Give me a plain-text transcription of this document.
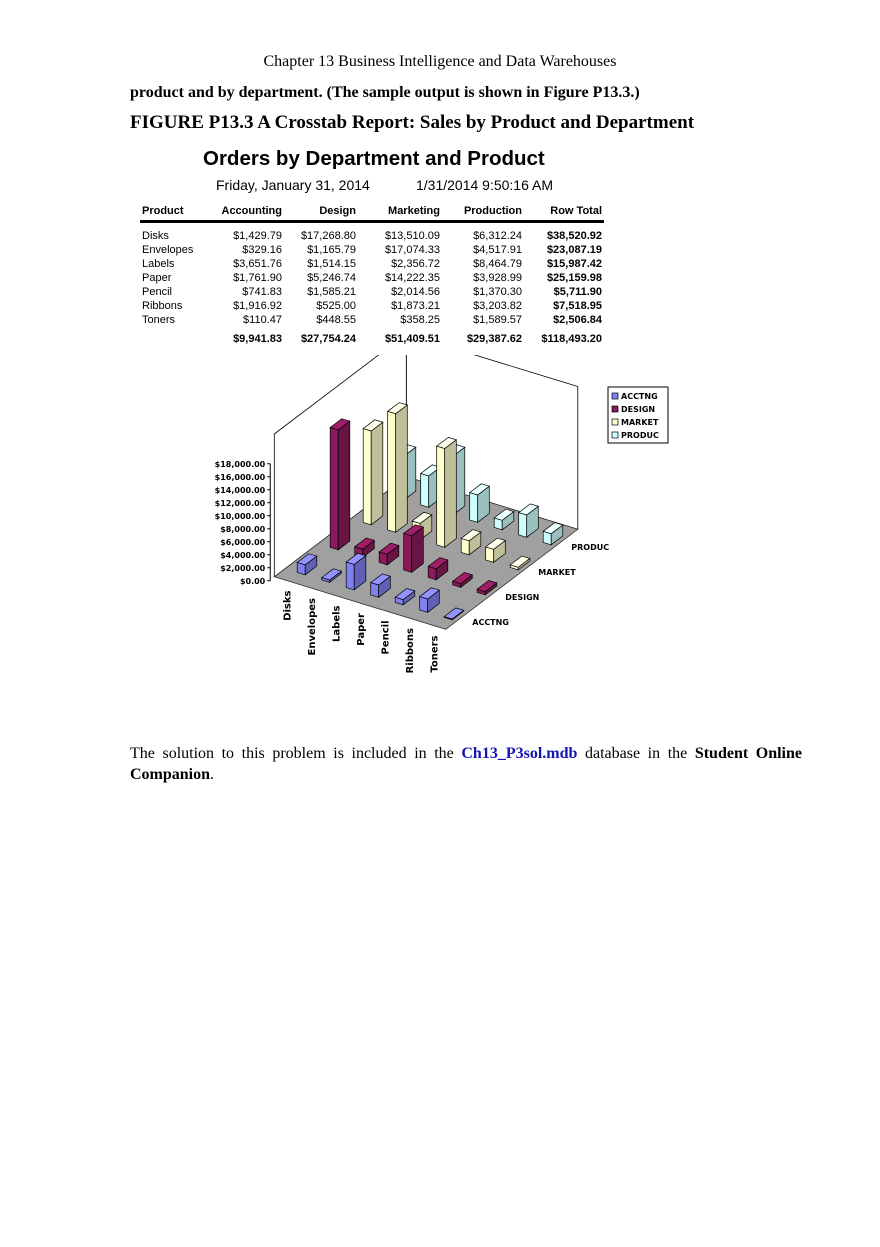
Chapter 13 Business Intelligence and Data Warehouses
product and by department. (The sample output is shown in Figure P13.3.)
FIGURE P13.3 A Crosstab Report: Sales by Product and Department
Orders by Department and Product
Friday, January 31, 2014	1/31/2014 9:50:16 AM
Product	Accounting	Design	Marketing	Production	Row Total
Disks	$1,429.79	$17,268.80	$13,510.09	$6,312.24	$38,520.92
Envelopes	$329.16	$1,165.79	$17,074.33	$4,517.91	$23,087.19
Labels	$3,651.76	$1,514.15	$2,356.72	$8,464.79	$15,987.42
Paper	$1,761.90	$5,246.74	$14,222.35	$3,928.99	$25,159.98
Pencil	$741.83	$1,585.21	$2,014.56	$1,370.30	$5,711.90
Ribbons	$1,916.92	$525.00	$1,873.21	$3,203.82	$7,518.95
Toners	$110.47	$448.55	$358.25	$1,589.57	$2,506.84
	$9,941.83	$27,754.24	$51,409.51	$29,387.62	$118,493.20
$18,000.00
$16,000.00
$14,000.00
$12,000.00
$10,000.00
$8,000.00
$6,000.00
$4,000.00
$2,000.00
$0.00
Disks Envelopes Labels Paper Pencil Ribbons Toners
ACCTNG
DESIGN
MARKET
PRODUC
ACCTNG
DESIGN
MARKET
PRODUC
The solution to this problem is included in the Ch13_P3sol.mdb database in the Student Online Companion.
